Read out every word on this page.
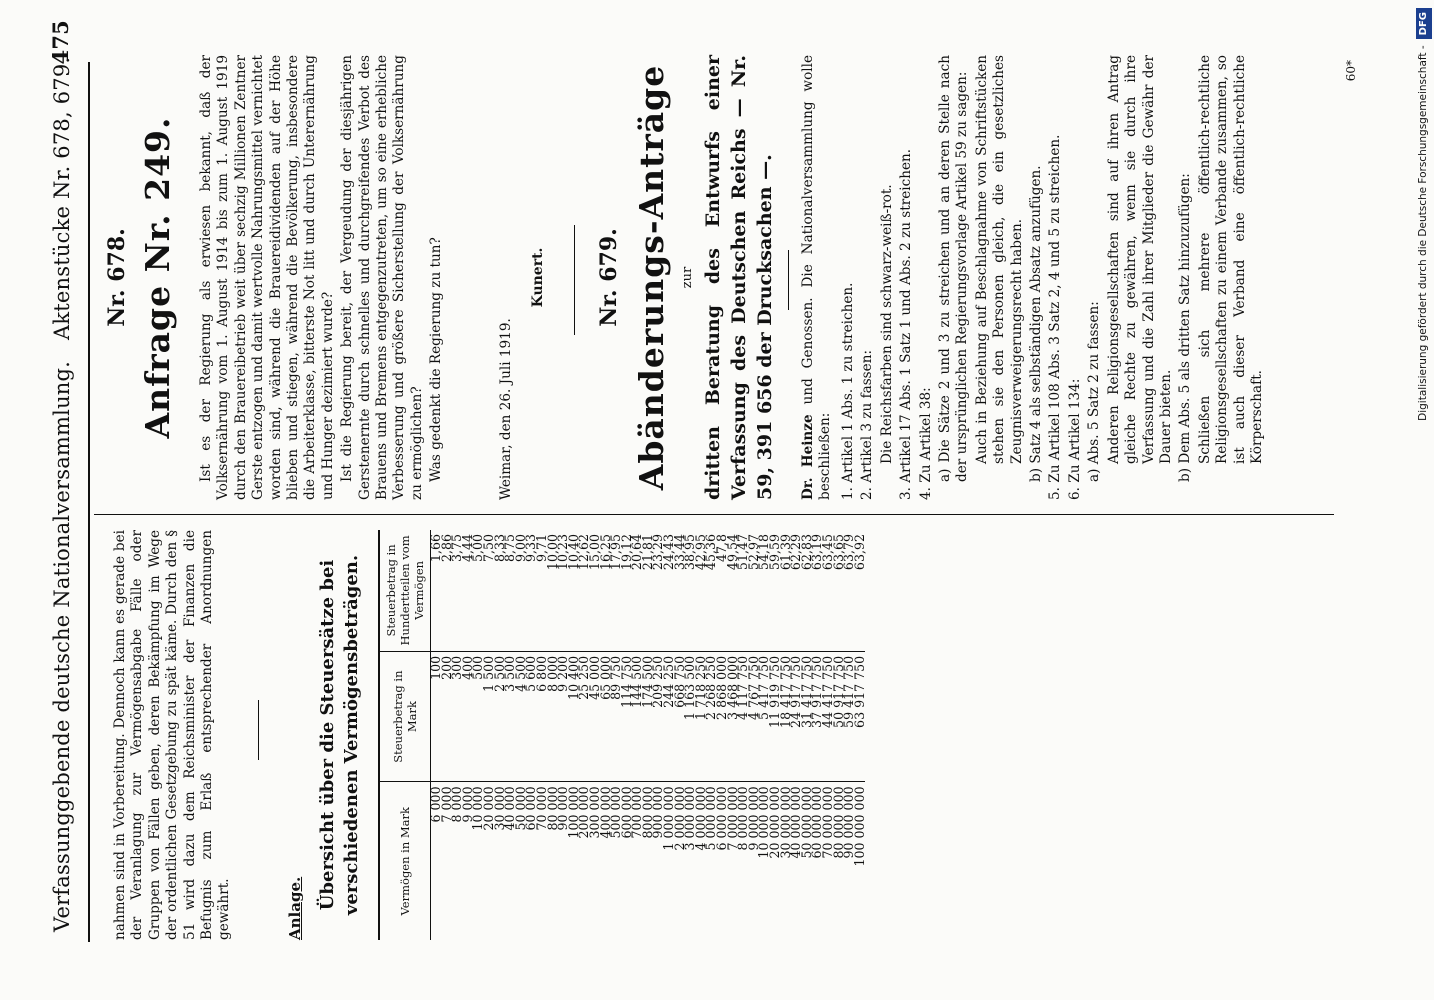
Verfassunggebende deutsche Nationalversammlung.
Aktenstücke Nr. 678, 679.
475
nahmen sind in Vorbereitung. Dennoch kann es gerade bei der Veranlagung zur Vermögensabgabe Fälle oder Gruppen von Fällen geben, deren Bekämpfung im Wege der ordentlichen Gesetzgebung zu spät käme. Durch den § 51 wird dazu dem Reichsminister der Finanzen die Befugnis zum Erlaß entsprechender Anordnungen gewährt.	Anlage. Übersicht über die Steuersätze bei verschiedenen Vermögensbeträgen.	Vermögen in Mark	Steuerbetrag in Mark	Steuerbetrag in Hundertteilen vom Vermögen
6 000	100	1,66
7 000	200	2,86
8 000	300	3,75
9 000	400	4,44
10 000	500	5,00
20 000	1 500	7,50
30 000	2 500	8,33
40 000	3 500	8,75
50 000	4 500	9,00
60 000	5 600	9,33
70 000	6 800	9,71
80 000	8 000	10,00
90 000	9 200	10,23
100 000	10 400	10,40
200 000	25 250	12,62
300 000	45 000	15,00
400 000	65 000	16,25
500 000	89 750	17,95
600 000	114 750	19,12
700 000	144 500	20,64
800 000	174 500	21,81
900 000	209 250	23,29
1 000 000	244 250	24,43
2 000 000	668 750	33,44
3 000 000	1 163 500	38,95
4 000 000	1 718 250	42,95
5 000 000	2 268 250	45,36
6 000 000	2 868 000	47,8
7 000 000	3 468 000	49,54
8 000 000	4 117 750	51,47
9 000 000	4 767 750	52,97
10 000 000	5 417 750	54,18
20 000 000	11 919 750	59,59
30 000 000	18 417 750	61,39
40 000 000	24 917 750	62,29
50 000 000	31 417 750	62,83
60 000 000	37 917 750	63,19
70 000 000	44 417 750	63,45
80 000 000	50 917 750	63,65
90 000 000	59 417 750	63,79
100 000 000	63 917 750	63,92
Nr. 678. Anfrage Nr. 249. Ist es der Regierung als erwiesen bekannt, daß der Volksernährung vom 1. August 1914 bis zum 1. August 1919 durch den Brauereibetrieb weit über sechzig Millionen Zentner Gerste entzogen und damit wertvolle Nahrungsmittel vernichtet worden sind, während die Brauereidividenden auf der Höhe blieben und stiegen, während die Bevölkerung, insbesondere die Arbeiterklasse, bitterste Not litt und durch Unterernährung und Hunger dezimiert wurde? Ist die Regierung bereit, der Vergeudung der diesjährigen Gerstenernte durch schnelles und durchgreifendes Verbot des Brauens und Bremens entgegenzutreten, um so eine erhebliche Verbesserung und größere Sicherstellung der Volksernährung zu ermöglichen? Was gedenkt die Regierung zu tun?	Weimar, den 26. Juli 1919.
Kunert. Nr. 679. Abänderungs-Anträge zur dritten Beratung des Entwurfs einer Verfassung des Deutschen Reichs — Nr. 59, 391 656 der Drucksachen —. Dr. Heinze und Genossen. Die Nationalversammlung wolle beschließen: 1. Artikel 1 Abs. 1 zu streichen. 2. Artikel 3 zu fassen: Die Reichsfarben sind schwarz-weiß-rot. 3. Artikel 17 Abs. 1 Satz 1 und Abs. 2 zu streichen. 4. Zu Artikel 38: a) Die Sätze 2 und 3 zu streichen und an deren Stelle nach der ursprünglichen Regierungsvorlage Artikel 59 zu sagen: Auch in Beziehung auf Beschlagnahme von Schriftstücken stehen sie den Personen gleich, die ein gesetzliches Zeugnisverweigerungsrecht haben. b) Satz 4 als selbständigen Absatz anzufügen. 5. Zu Artikel 108 Abs. 3 Satz 2, 4 und 5 zu streichen. 6. Zu Artikel 134: a) Abs. 5 Satz 2 zu fassen: Anderen Religionsgesellschaften sind auf ihren Antrag gleiche Rechte zu gewähren, wenn sie durch ihre Verfassung und die Zahl ihrer Mitglieder die Gewähr der Dauer bieten. b) Dem Abs. 5 als dritten Satz hinzuzufügen: Schließen sich mehrere öffentlich-rechtliche Religionsgesellschaften zu einem Verbande zusammen, so ist auch dieser Verband eine öffentlich-rechtliche Körperschaft.

60*	Digitalisierung gefördert durch die Deutsche Forschungsgemeinschaft -DFG
